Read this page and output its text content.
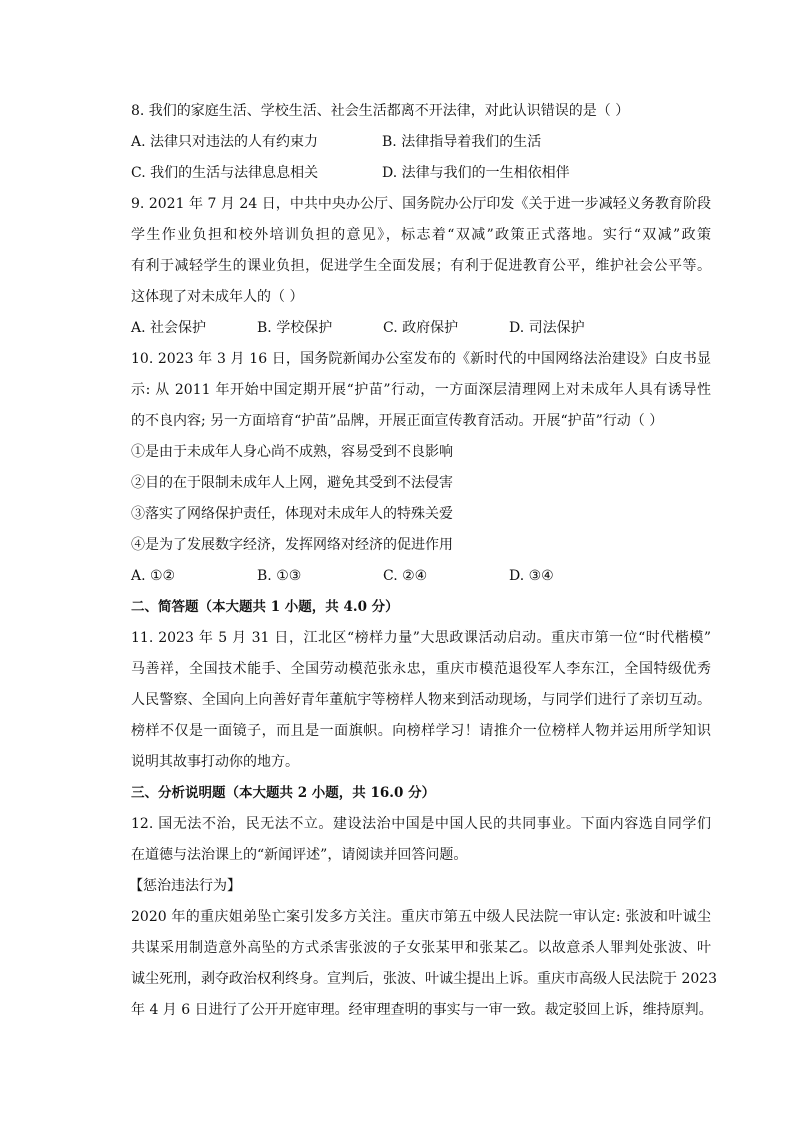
8. 我们的家庭生活、学校生活、社会生活都离不开法律，对此认识错误的是（ ）
A. 法律只对违法的人有约束力	B. 法律指导着我们的生活
C. 我们的生活与法律息息相关	D. 法律与我们的一生相依相伴
9. 2021 年 7 月 24 日，中共中央办公厅、国务院办公厅印发《关于进一步减轻义务教育阶段
学生作业负担和校外培训负担的意见》，标志着“双减”政策正式落地。实行“双减”政策
有利于减轻学生的课业负担，促进学生全面发展；有利于促进教育公平，维护社会公平等。
这体现了对未成年人的（ ）
A. 社会保护	B. 学校保护	C. 政府保护	D. 司法保护
10. 2023 年 3 月 16 日，国务院新闻办公室发布的《新时代的中国网络法治建设》白皮书显
示: 从 2011 年开始中国定期开展“护苗”行动，一方面深层清理网上对未成年人具有诱导性
的不良内容; 另一方面培育“护苗”品牌，开展正面宣传教育活动。开展“护苗”行动（ ）
①是由于未成年人身心尚不成熟，容易受到不良影响
②目的在于限制未成年人上网，避免其受到不法侵害
③落实了网络保护责任，体现对未成年人的特殊关爱
④是为了发展数字经济，发挥网络对经济的促进作用
A. ①②	B. ①③	C. ②④	D. ③④
二、简答题（本大题共 1 小题，共 4.0 分）
11. 2023 年 5 月 31 日，江北区“榜样力量”大思政课活动启动。重庆市第一位“时代楷模”
马善祥，全国技术能手、全国劳动模范张永忠，重庆市模范退役军人李东江，全国特级优秀
人民警察、全国向上向善好青年董航宇等榜样人物来到活动现场，与同学们进行了亲切互动。
榜样不仅是一面镜子，而且是一面旗帜。向榜样学习！请推介一位榜样人物并运用所学知识
说明其故事打动你的地方。
三、分析说明题（本大题共 2 小题，共 16.0 分）
12. 国无法不治，民无法不立。建设法治中国是中国人民的共同事业。下面内容选自同学们
在道德与法治课上的“新闻评述”，请阅读并回答问题。
【惩治违法行为】
2020 年的重庆姐弟坠亡案引发多方关注。重庆市第五中级人民法院一审认定: 张波和叶诚尘
共谋采用制造意外高坠的方式杀害张波的子女张某甲和张某乙。以故意杀人罪判处张波、叶
诚尘死刑，剥夺政治权利终身。宣判后，张波、叶诚尘提出上诉。重庆市高级人民法院于 2023
年 4 月 6 日进行了公开开庭审理。经审理查明的事实与一审一致。裁定驳回上诉，维持原判。
